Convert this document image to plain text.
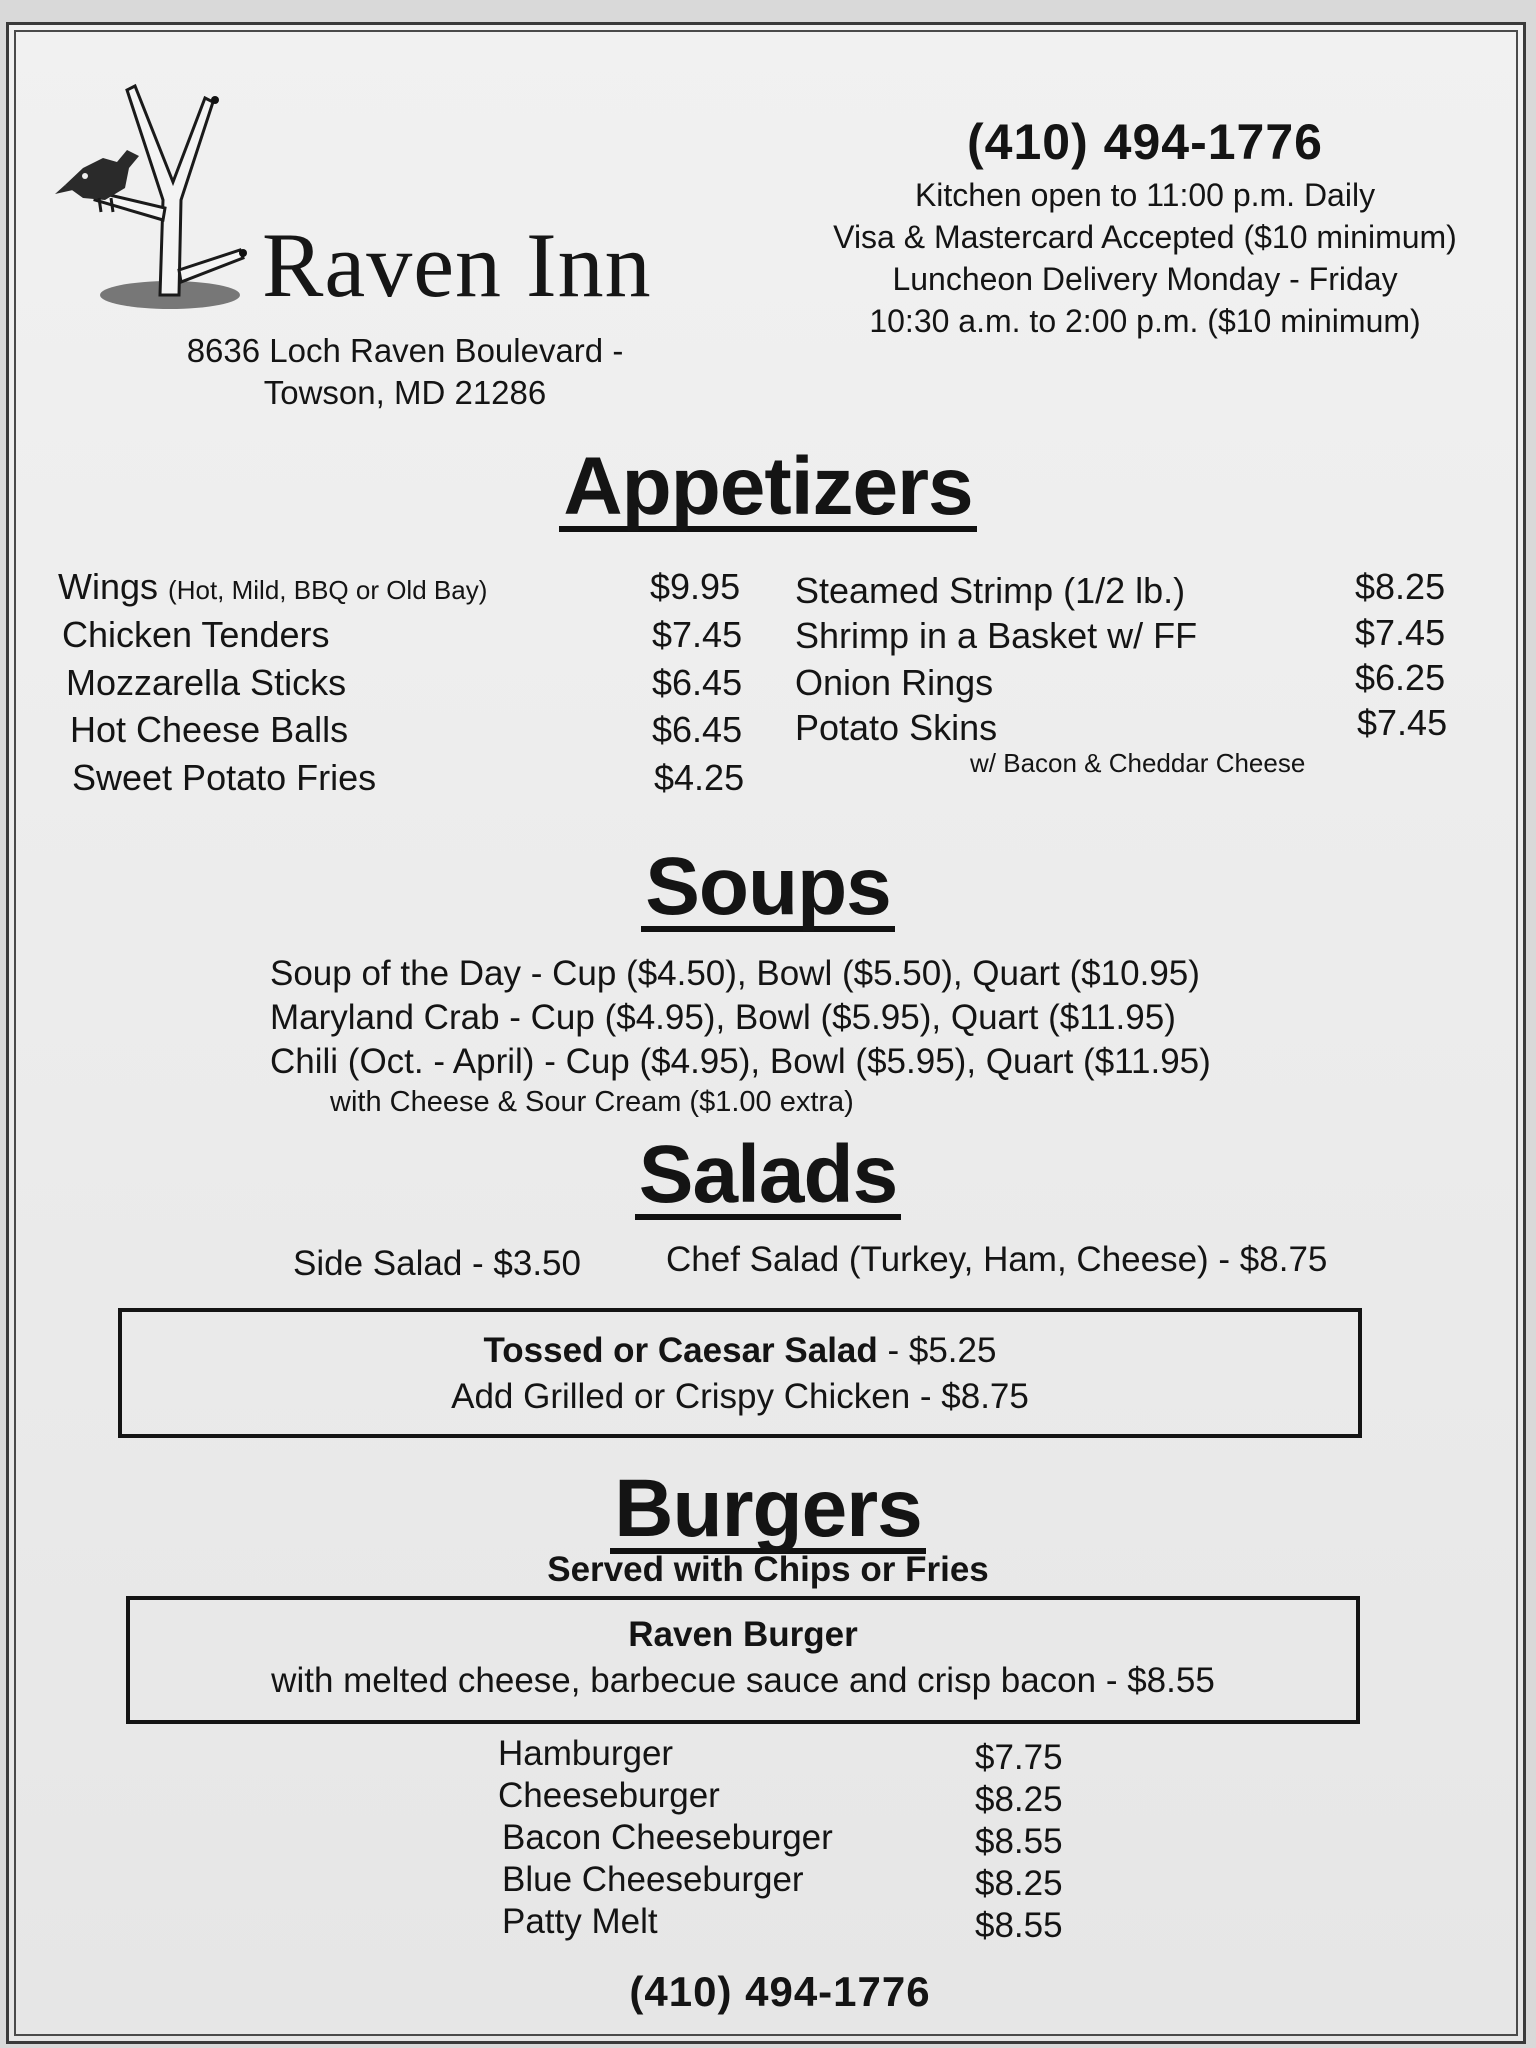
Raven Inn
8636 Loch Raven Boulevard -
Towson, MD 21286
(410) 494-1776
Kitchen open to 11:00 p.m. Daily
Visa & Mastercard Accepted ($10 minimum)
Luncheon Delivery Monday - Friday
10:30 a.m. to 2:00 p.m. ($10 minimum)
Appetizers
Wings (Hot, Mild, BBQ or Old Bay)	$9.95
Chicken Tenders	$7.45
Mozzarella Sticks	$6.45
Hot Cheese Balls	$6.45
Sweet Potato Fries	$4.25
Steamed Strimp (1/2 lb.)	$8.25
Shrimp in a Basket w/ FF	$7.45
Onion Rings	$6.25
Potato Skins	$7.45
w/ Bacon & Cheddar Cheese
Soups
Soup of the Day - Cup ($4.50), Bowl ($5.50), Quart ($10.95)
Maryland Crab - Cup ($4.95), Bowl ($5.95), Quart ($11.95)
Chili (Oct. - April) - Cup ($4.95), Bowl ($5.95), Quart ($11.95)
with Cheese & Sour Cream ($1.00 extra)
Salads
Side Salad - $3.50 Chef Salad (Turkey, Ham, Cheese) - $8.75
Tossed or Caesar Salad - $5.25
Add Grilled or Crispy Chicken - $8.75
Burgers
Served with Chips or Fries
Raven Burger
with melted cheese, barbecue sauce and crisp bacon - $8.55
Hamburger	$7.75
Cheeseburger	$8.25
Bacon Cheeseburger	$8.55
Blue Cheeseburger	$8.25
Patty Melt	$8.55
(410) 494-1776
